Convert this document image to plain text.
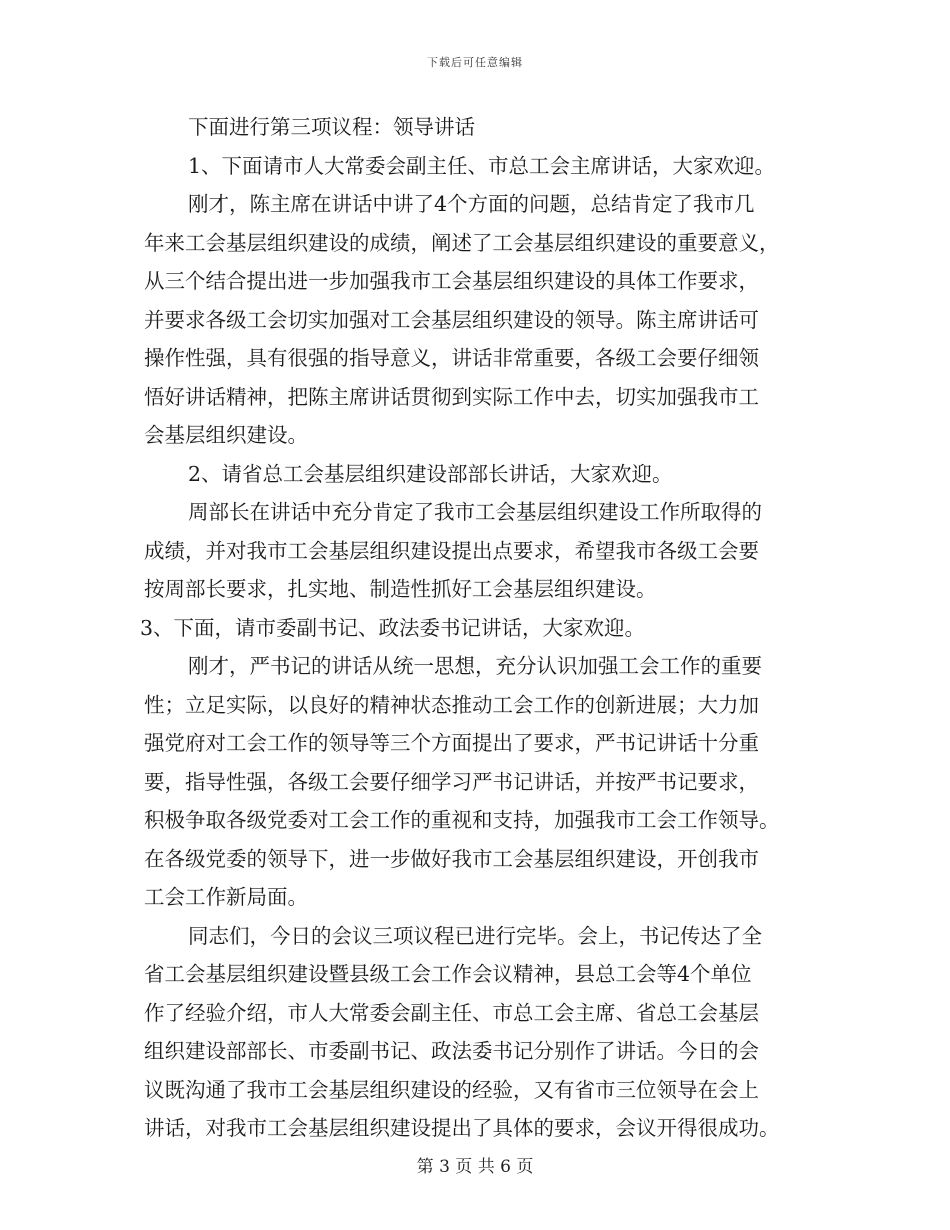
下载后可任意编辑
下面进行第三项议程：领导讲话
1、下面请市人大常委会副主任、市总工会主席讲话，大家欢迎。
刚才，陈主席在讲话中讲了4个方面的问题，总结肯定了我市几
年来工会基层组织建设的成绩，阐述了工会基层组织建设的重要意义，
从三个结合提出进一步加强我市工会基层组织建设的具体工作要求，
并要求各级工会切实加强对工会基层组织建设的领导。陈主席讲话可
操作性强，具有很强的指导意义，讲话非常重要，各级工会要仔细领
悟好讲话精神，把陈主席讲话贯彻到实际工作中去，切实加强我市工
会基层组织建设。
2、请省总工会基层组织建设部部长讲话，大家欢迎。
周部长在讲话中充分肯定了我市工会基层组织建设工作所取得的
成绩，并对我市工会基层组织建设提出点要求，希望我市各级工会要
按周部长要求，扎实地、制造性抓好工会基层组织建设。
3、下面，请市委副书记、政法委书记讲话，大家欢迎。
刚才，严书记的讲话从统一思想，充分认识加强工会工作的重要
性；立足实际，以良好的精神状态推动工会工作的创新进展；大力加
强党府对工会工作的领导等三个方面提出了要求，严书记讲话十分重
要，指导性强，各级工会要仔细学习严书记讲话，并按严书记要求，
积极争取各级党委对工会工作的重视和支持，加强我市工会工作领导。
在各级党委的领导下，进一步做好我市工会基层组织建设，开创我市
工会工作新局面。
同志们，今日的会议三项议程已进行完毕。会上，书记传达了全
省工会基层组织建设暨县级工会工作会议精神，县总工会等4个单位
作了经验介绍，市人大常委会副主任、市总工会主席、省总工会基层
组织建设部部长、市委副书记、政法委书记分别作了讲话。今日的会
议既沟通了我市工会基层组织建设的经验，又有省市三位领导在会上
讲话，对我市工会基层组织建设提出了具体的要求，会议开得很成功。
第 3 页 共 6 页
